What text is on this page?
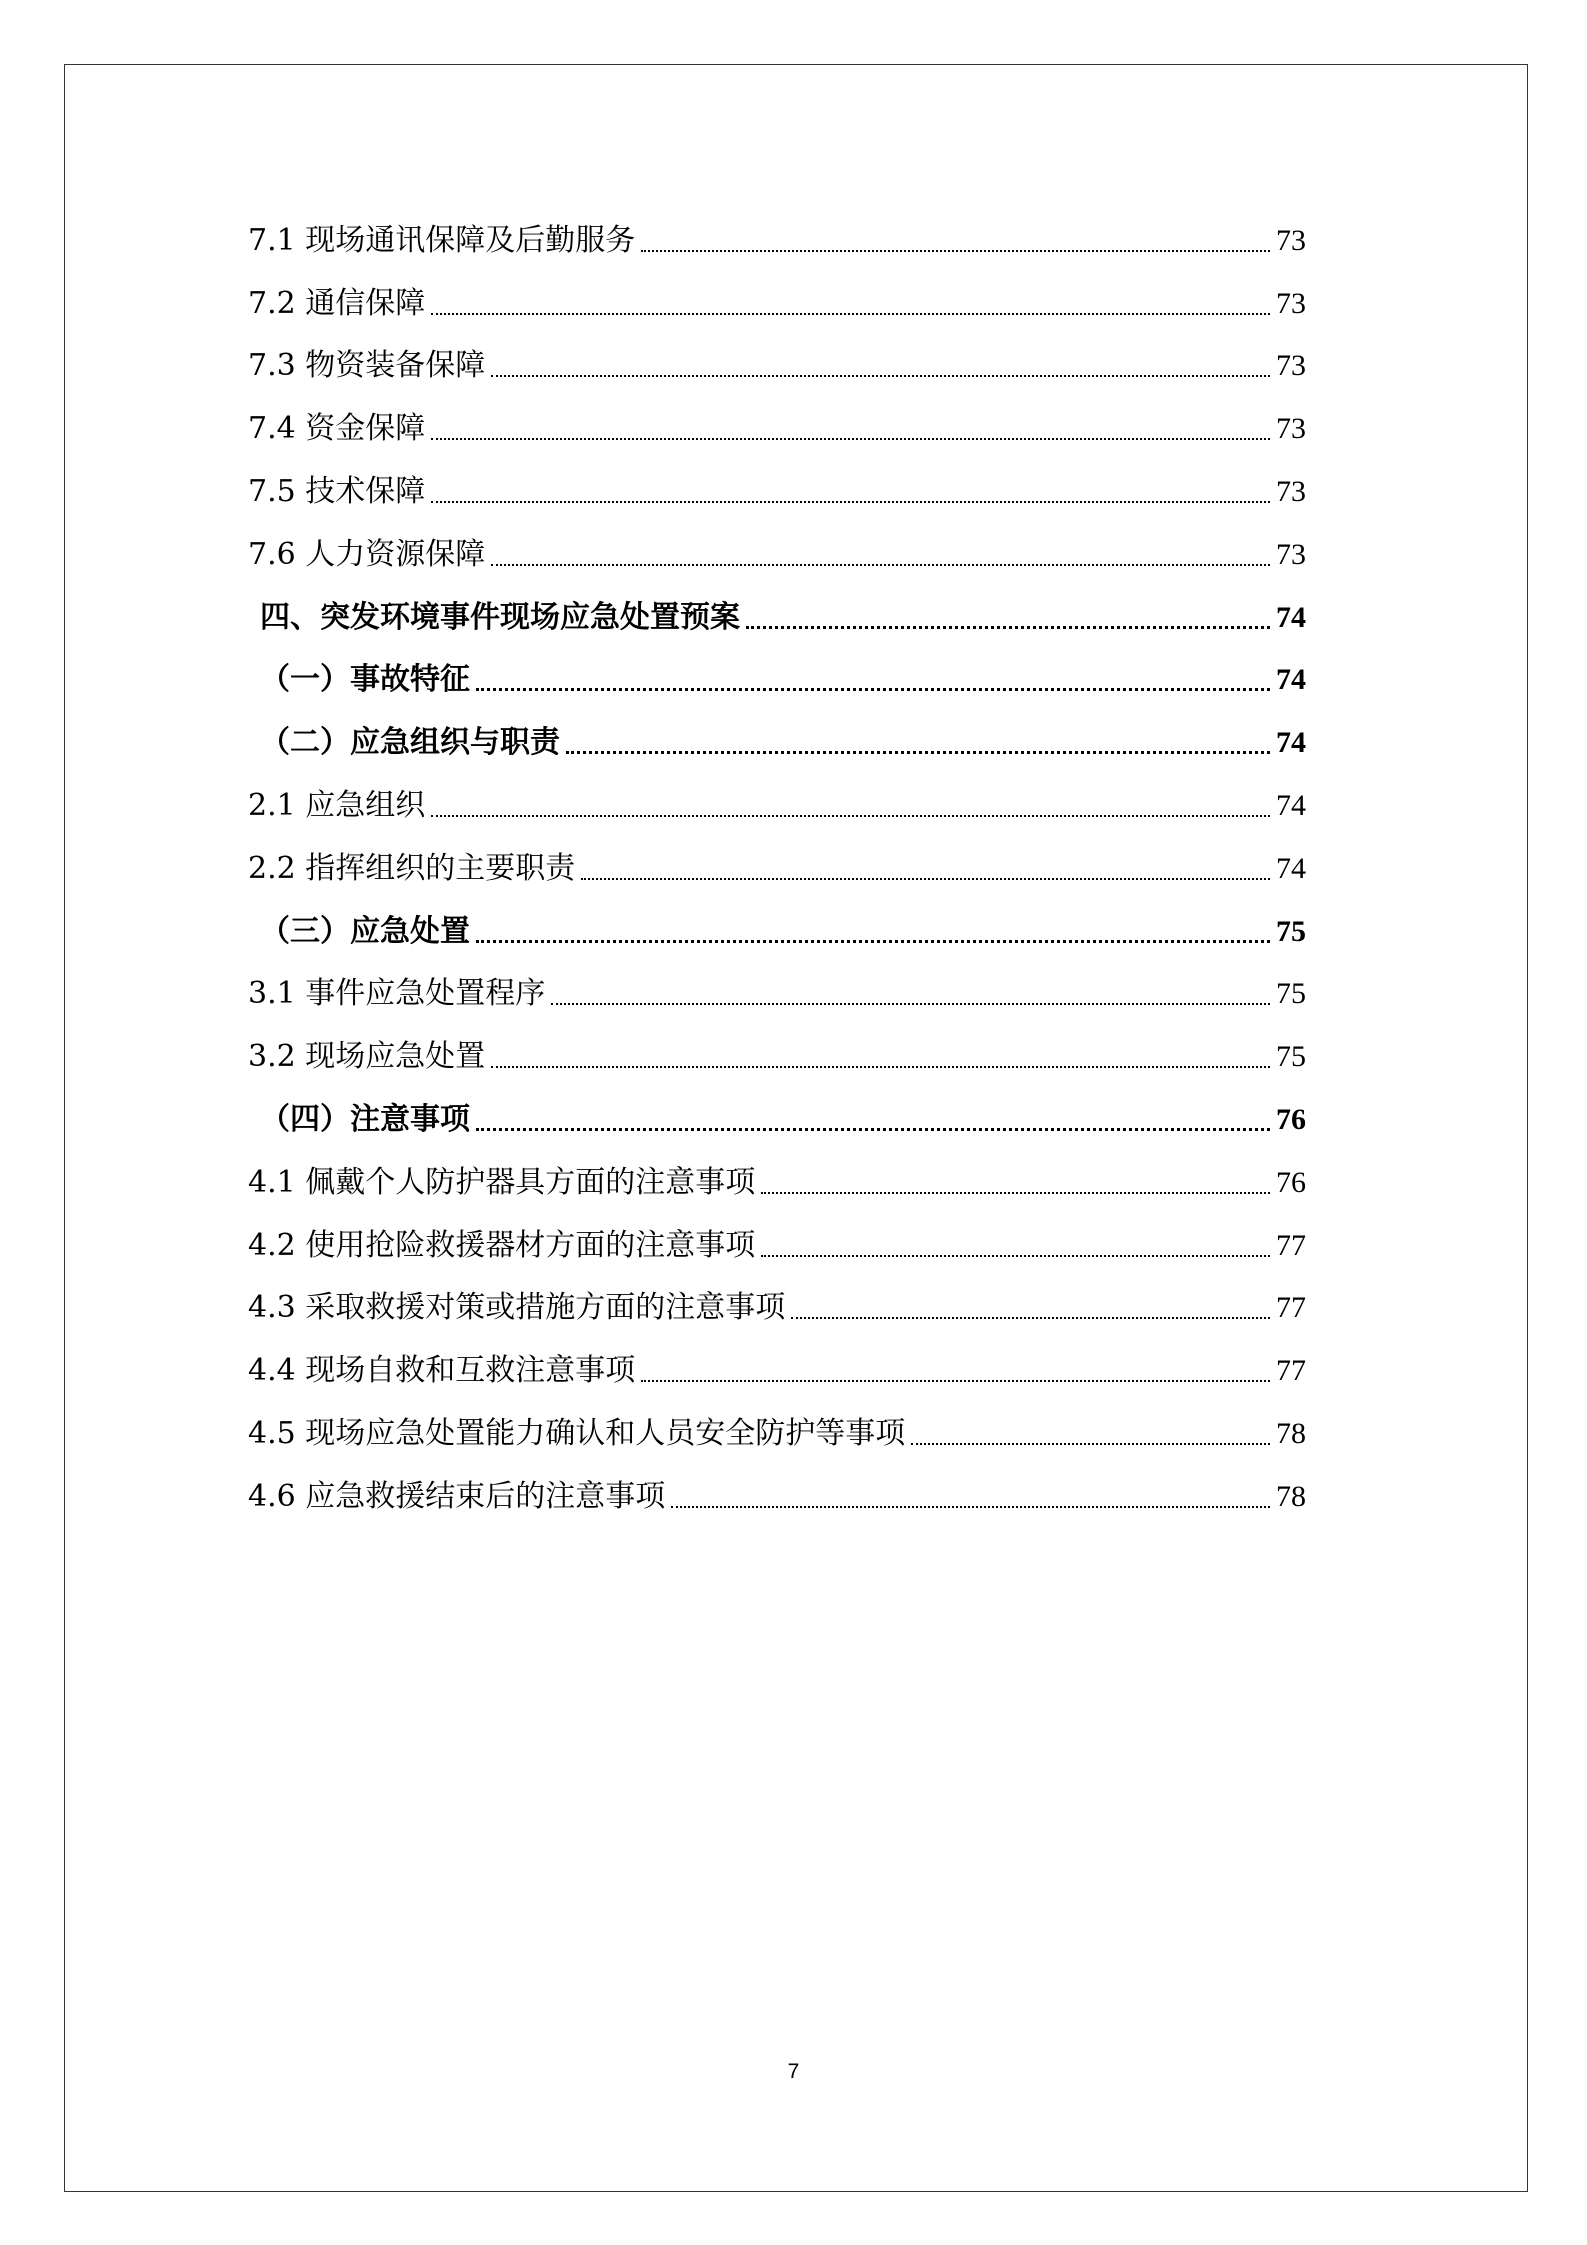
7.1 现场通讯保障及后勤服务	73
7.2 通信保障	73
7.3 物资装备保障	73
7.4 资金保障	73
7.5 技术保障	73
7.6 人力资源保障	73
四、突发环境事件现场应急处置预案	74
（一）事故特征	74
（二）应急组织与职责	74
2.1 应急组织	74
2.2 指挥组织的主要职责	74
（三）应急处置	75
3.1 事件应急处置程序	75
3.2 现场应急处置	75
（四）注意事项	76
4.1 佩戴个人防护器具方面的注意事项	76
4.2 使用抢险救援器材方面的注意事项	77
4.3 采取救援对策或措施方面的注意事项	77
4.4 现场自救和互救注意事项	77
4.5 现场应急处置能力确认和人员安全防护等事项	78
4.6 应急救援结束后的注意事项	78
7
